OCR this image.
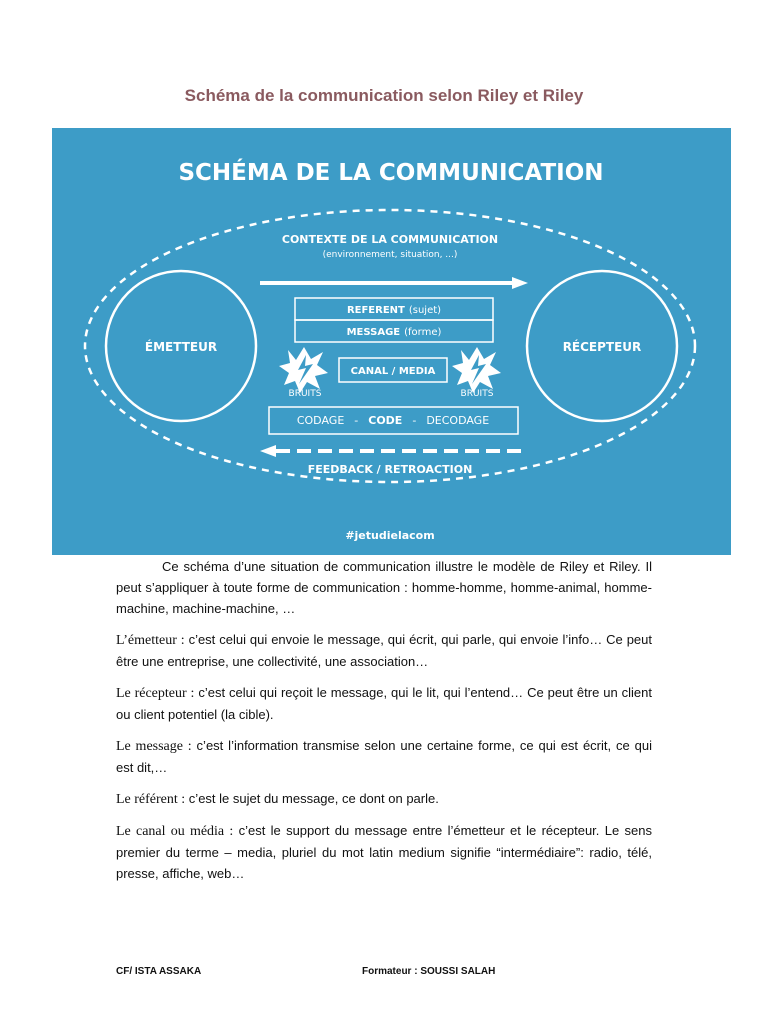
Schéma de la communication selon Riley et Riley
SCHÉMA DE LA COMMUNICATION
CONTEXTE DE LA COMMUNICATION
(environnement, situation, ...)
ÉMETTEUR	RÉCEPTEUR
REFERENT (sujet)
MESSAGE (forme)
CANAL / MEDIA
BRUITS	BRUITS
CODAGE - CODE - DECODAGE
FEEDBACK / RETROACTION
#jetudielacom

Ce schéma d’une situation de communication illustre le modèle de Riley et Riley. Il peut s’appliquer à toute forme de communication : homme-homme, homme-animal, homme-machine, machine-machine, …

L’émetteur : c’est celui qui envoie le message, qui écrit, qui parle, qui envoie l’info… Ce peut être une entreprise, une collectivité, une association…
Le récepteur : c’est celui qui reçoit le message, qui le lit, qui l’entend… Ce peut être un client ou client potentiel (la cible).
Le message : c’est l’information transmise selon une certaine forme, ce qui est écrit, ce qui est dit,…
Le référent : c’est le sujet du message, ce dont on parle.
Le canal ou média : c’est le support du message entre l’émetteur et le récepteur. Le sens premier du terme – media, pluriel du mot latin medium signifie “intermédiaire”: radio, télé, presse, affiche, web…
CF/ ISTA ASSAKA	Formateur : SOUSSI SALAH
